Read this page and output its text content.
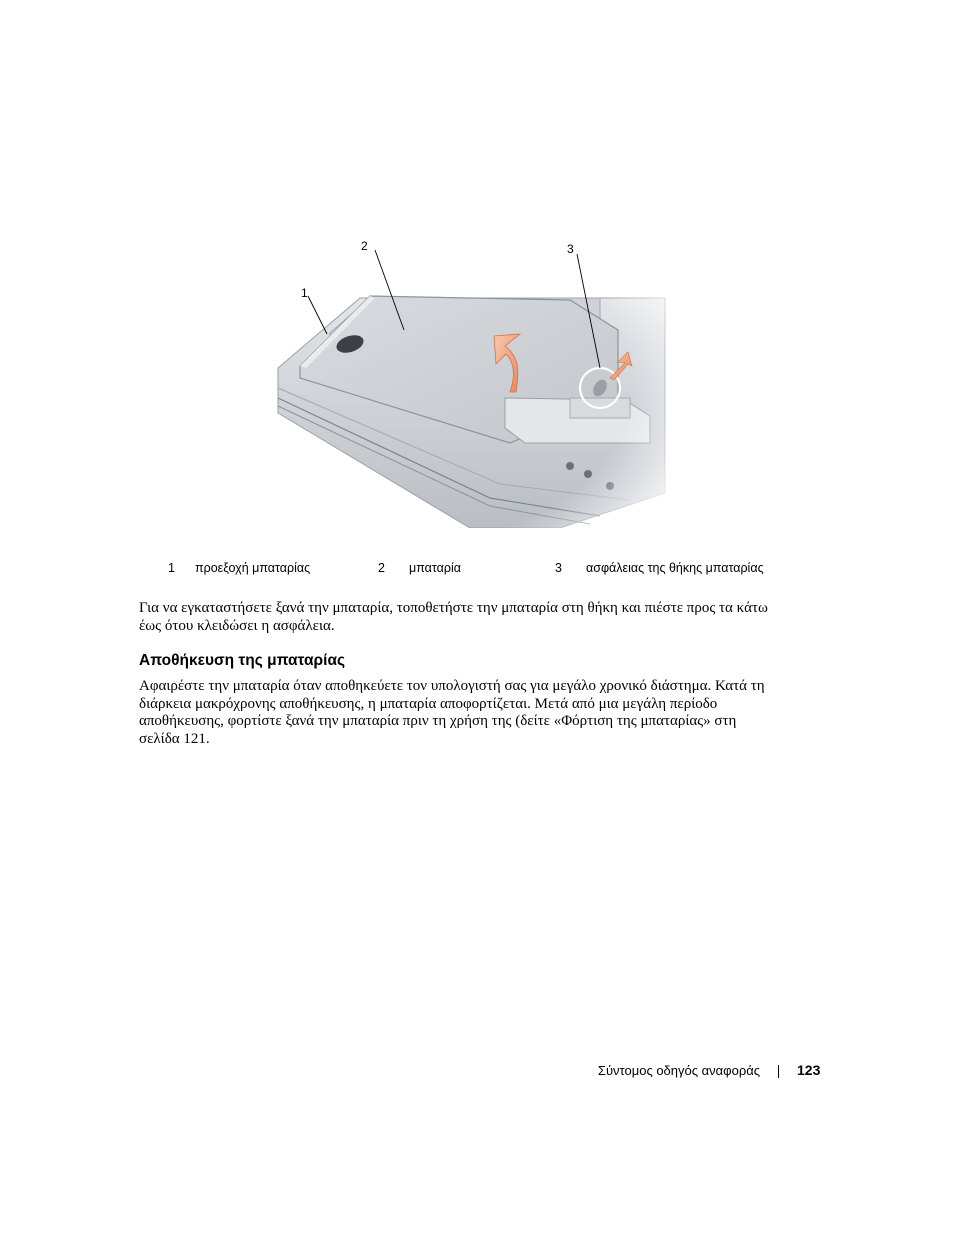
1
2	3
1 προεξοχή μπαταρίας	2 μπαταρία	3 ασφάλειας της θήκης μπαταρίας

Για να εγκαταστήσετε ξανά την μπαταρία, τοποθετήστε την μπαταρία στη θήκη και πιέστε προς τα κάτω

έως ότου κλειδώσει η ασφάλεια.

Αποθήκευση της μπαταρίας

Αφαιρέστε την μπαταρία όταν αποθηκεύετε τον υπολογιστή σας για μεγάλο χρονικό διάστημα. Κατά τη

διάρκεια μακρόχρονης αποθήκευσης, η μπαταρία αποφορτίζεται. Μετά από μια μεγάλη περίοδο

αποθήκευσης, φορτίστε ξανά την μπαταρία πριν τη χρήση της (δείτε «Φόρτιση της μπαταρίας» στη

σελίδα 121.

Σύντομος οδηγός αναφοράς	123
